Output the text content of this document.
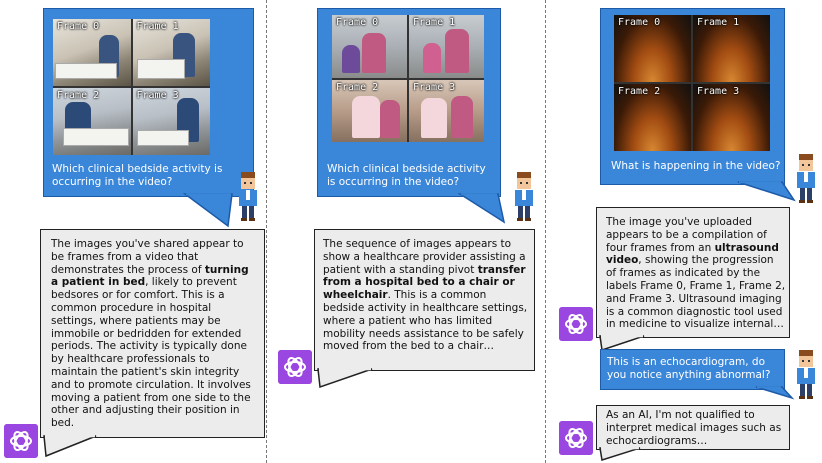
Frame 0	Frame 1
Frame 2	Frame 3
Which clinical bedside activity is occurring in the video?
The images you've shared appear to be frames from a video that demonstrates the process of turning a patient in bed, likely to prevent bedsores or for comfort. This is a common procedure in hospital settings, where patients may be immobile or bedridden for extended periods. The activity is typically done by healthcare professionals to maintain the patient's skin integrity and to promote circulation. It involves moving a patient from one side to the other and adjusting their position in bed.
Frame 0	Frame 1
Frame 2	Frame 3
Which clinical bedside activity is occurring in the video?
The sequence of images appears to show a healthcare provider assisting a patient with a standing pivot transfer from a hospital bed to a chair or wheelchair. This is a common bedside activity in healthcare settings, where a patient who has limited mobility needs assistance to be safely moved from the bed to a chair…
Frame 0	Frame 1
Frame 2	Frame 3
What is happening in the video?
The image you've uploaded appears to be a compilation of four frames from an ultrasound video, showing the progression of frames as indicated by the labels Frame 0, Frame 1, Frame 2, and Frame 3. Ultrasound imaging is a common diagnostic tool used in medicine to visualize internal…
This is an echocardiogram, do you notice anything abnormal?
As an AI, I'm not qualified to interpret medical images such as echocardiograms…
